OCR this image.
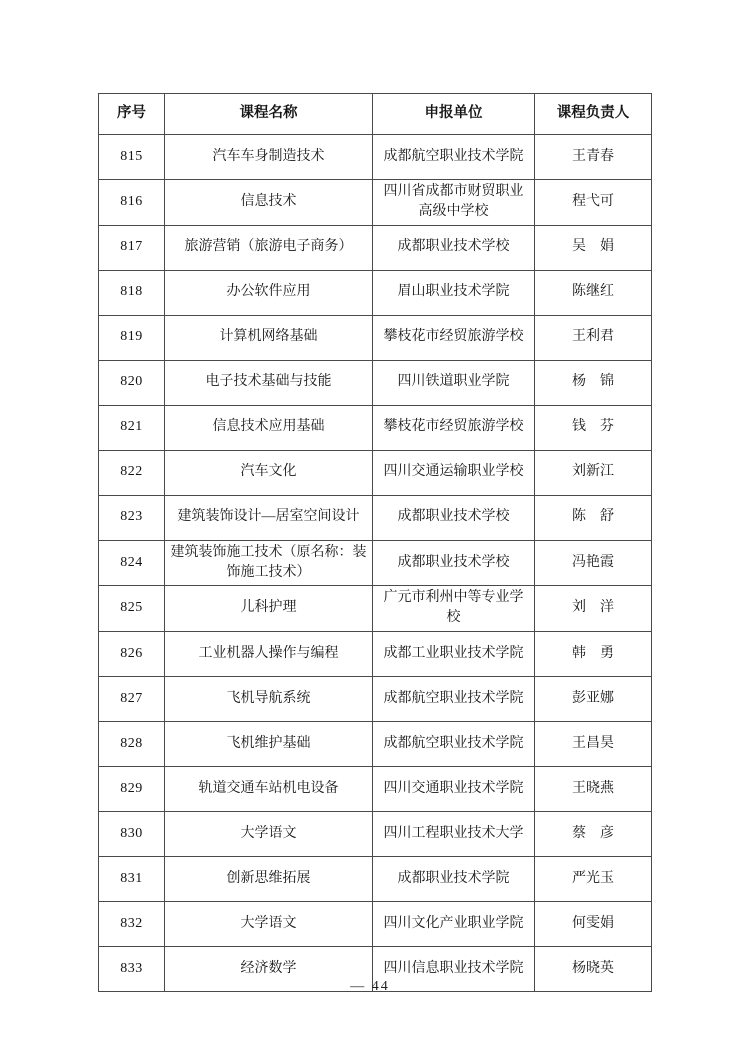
序号	课程名称	申报单位	课程负责人
815	汽车车身制造技术	成都航空职业技术学院	王青春
816	信息技术	四川省成都市财贸职业高级中学校	程弋可
817	旅游营销（旅游电子商务）	成都职业技术学校	吴　娟
818	办公软件应用	眉山职业技术学院	陈继红
819	计算机网络基础	攀枝花市经贸旅游学校	王利君
820	电子技术基础与技能	四川铁道职业学院	杨　锦
821	信息技术应用基础	攀枝花市经贸旅游学校	钱　芬
822	汽车文化	四川交通运输职业学校	刘新江
823	建筑装饰设计—居室空间设计	成都职业技术学校	陈　舒
824	建筑装饰施工技术（原名称：装饰施工技术）	成都职业技术学校	冯艳霞
825	儿科护理	广元市利州中等专业学校	刘　洋
826	工业机器人操作与编程	成都工业职业技术学院	韩　勇
827	飞机导航系统	成都航空职业技术学院	彭亚娜
828	飞机维护基础	成都航空职业技术学院	王昌昊
829	轨道交通车站机电设备	四川交通职业技术学院	王晓燕
830	大学语文	四川工程职业技术大学	蔡　彦
831	创新思维拓展	成都职业技术学院	严光玉
832	大学语文	四川文化产业职业学院	何雯娟
833	经济数学	四川信息职业技术学院	杨晓英
— 44
